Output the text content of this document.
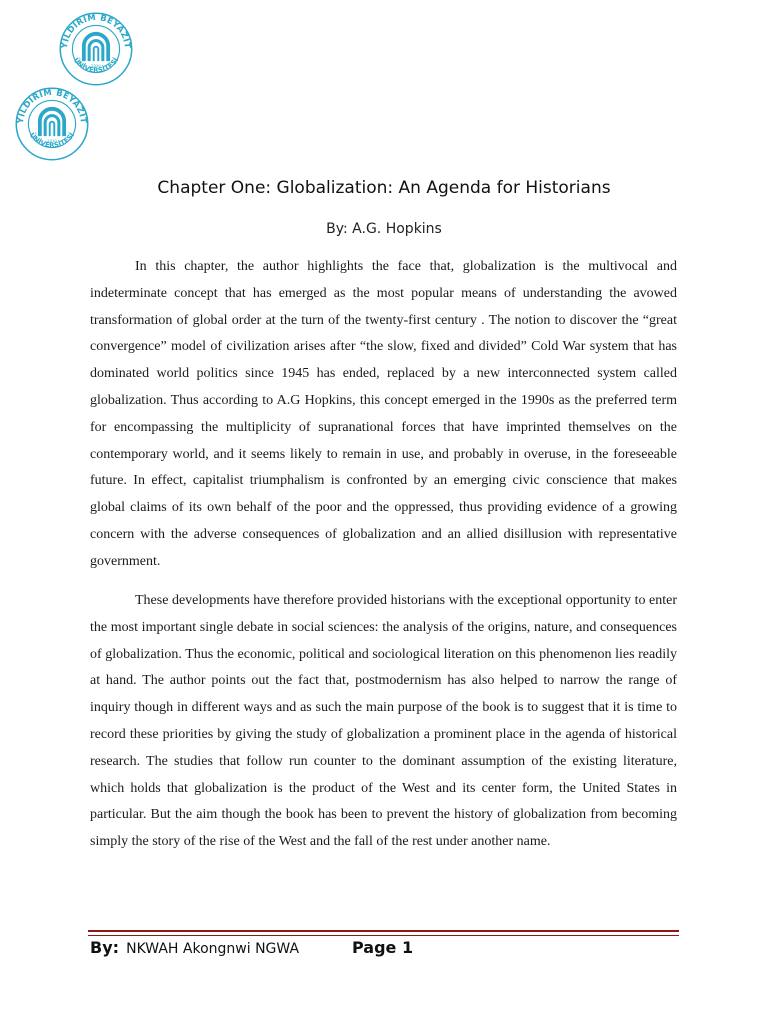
YILDIRIM BEYAZIT
ÜNİVERSİTESİ
2010
YILDIRIM BEYAZIT
ÜNİVERSİTESİ
2010
Chapter One: Globalization: An Agenda for Historians

By: A.G. Hopkins

In this chapter, the author highlights the face that, globalization is the multivocal and indeterminate concept that has emerged as the most popular means of understanding the avowed transformation of global order at the turn of the twenty-first century . The notion to discover the “great convergence” model of civilization arises after “the slow, fixed and divided” Cold War system that has dominated world politics since 1945 has ended, replaced by a new interconnected system called globalization. Thus according to A.G Hopkins, this concept emerged in the 1990s as the preferred term for encompassing the multiplicity of supranational forces that have imprinted themselves on the contemporary world, and it seems likely to remain in use, and probably in overuse, in the foreseeable future. In effect, capitalist triumphalism is confronted by an emerging civic conscience that makes global claims of its own behalf of the poor and the oppressed, thus providing evidence of a growing concern with the adverse consequences of globalization and an allied disillusion with representative government.

These developments have therefore provided historians with the exceptional opportunity to enter the most important single debate in social sciences: the analysis of the origins, nature, and consequences of globalization. Thus the economic, political and sociological literation on this phenomenon lies readily at hand. The author points out the fact that, postmodernism has also helped to narrow the range of inquiry though in different ways and as such the main purpose of the book is to suggest that it is time to record these priorities by giving the study of globalization a prominent place in the agenda of historical research. The studies that follow run counter to the dominant assumption of the existing literature, which holds that globalization is the product of the West and its center form, the United States in particular. But the aim though the book has been to prevent the history of globalization from becoming simply the story of the rise of the West and the fall of the rest under another name.

By: NKWAH Akongnwi NGWA	Page 1
